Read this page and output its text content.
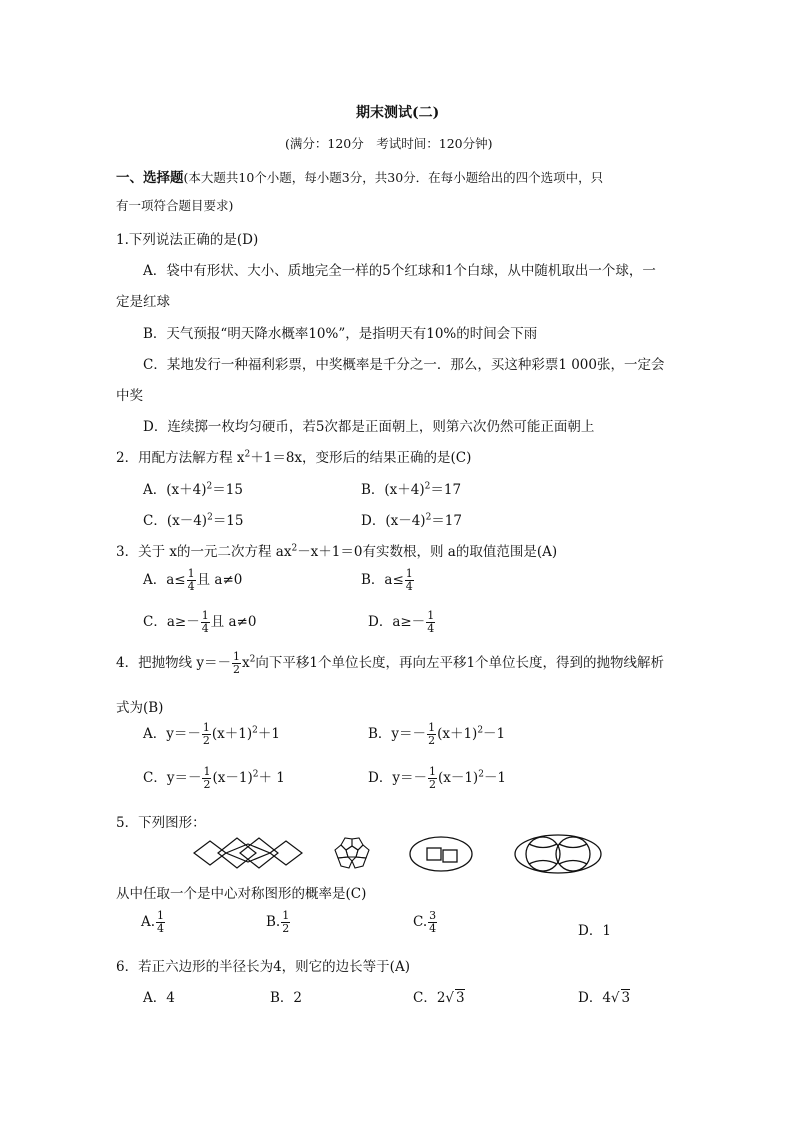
期末测试(二)
(满分：120分　考试时间：120分钟)
一、选择题(本大题共10个小题，每小题3分，共30分．在每小题给出的四个选项中，只
有一项符合题目要求)
1.下列说法正确的是(D)
A．袋中有形状、大小、质地完全一样的5个红球和1个白球，从中随机取出一个球，一
定是红球
B．天气预报“明天降水概率10%”，是指明天有10%的时间会下雨
C．某地发行一种福利彩票，中奖概率是千分之一．那么，买这种彩票1 000张，一定会
中奖
D．连续掷一枚均匀硬币，若5次都是正面朝上，则第六次仍然可能正面朝上
2．用配方法解方程 $x^2+1=8x$，变形后的结果正确的是(C)
A．$(x+4)^2=15$	B．$(x+4)^2=17$
C．$(x-4)^2=15$	D．$(x-4)^2=17$
3．关于 x的一元二次方程 $ax^2-x+1=0$有实数根，则 a的取值范围是(A)
A．$a\le \frac{1}{4}$ 且 a≠0	B．$a\le \frac{1}{4}$
C．$a\ge- \frac{1}{4}$ 且 a≠0	D．$a\ge- \frac{1}{4}$
4．把抛物线 $y=- \frac{1}{2} x^2$向下平移1个单位长度，再向左平移1个单位长度，得到的抛物线解析
式为(B)
A．$y=- \frac{1}{2} (x+1)^2+1$	B．$y=- \frac{1}{2} (x+1)^2-1$
C．$y=- \frac{1}{2} (x-1)^2+ 1$	D．$y=- \frac{1}{2} (x-1)^2-1$
5．下列图形：
从中任取一个是中心对称图形的概率是(C)
A. $\frac{1}{4}$	B. $\frac{1}{2}$	C. $\frac{3}{4}$	D．1
6．若正六边形的半径长为4，则它的边长等于(A)
A．4	B．2	C．2√ 3	D．4√ 3
